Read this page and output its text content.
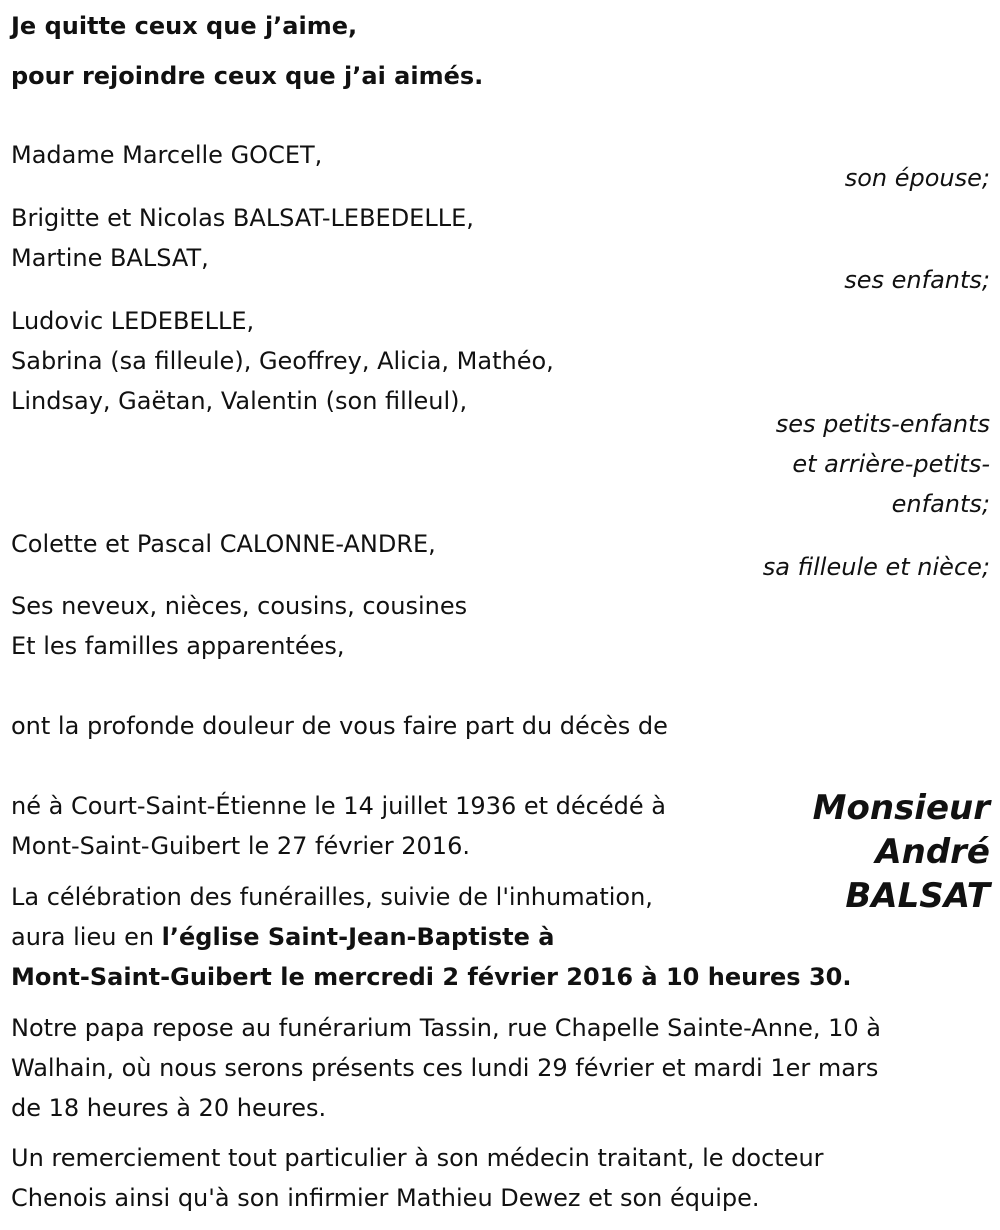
Je quitte ceux que j’aime,
pour rejoindre ceux que j’ai aimés.
Madame Marcelle GOCET,
son épouse;
Brigitte et Nicolas BALSAT-LEBEDELLE,
Martine BALSAT,
ses enfants;
Ludovic LEDEBELLE,
Sabrina (sa filleule), Geoffrey, Alicia, Mathéo,
Lindsay, Gaëtan, Valentin (son filleul),
ses petits-enfants
et arrière-petits-
enfants;
Colette et Pascal CALONNE-ANDRE,
sa filleule et nièce;
Ses neveux, nièces, cousins, cousines
Et les familles apparentées,
ont la profonde douleur de vous faire part du décès de
Monsieur
André
BALSAT
né à Court-Saint-Étienne le 14 juillet 1936 et décédé à
Mont-Saint-Guibert le 27 février 2016.
La célébration des funérailles, suivie de l'inhumation,
aura lieu en l’église Saint-Jean-Baptiste à
Mont-Saint-Guibert le mercredi 2 février 2016 à 10 heures 30.
Notre papa repose au funérarium Tassin, rue Chapelle Sainte-Anne, 10 à
Walhain, où nous serons présents ces lundi 29 février et mardi 1er mars
de 18 heures à 20 heures.
Un remerciement tout particulier à son médecin traitant, le docteur
Chenois ainsi qu'à son infirmier Mathieu Dewez et son équipe.
